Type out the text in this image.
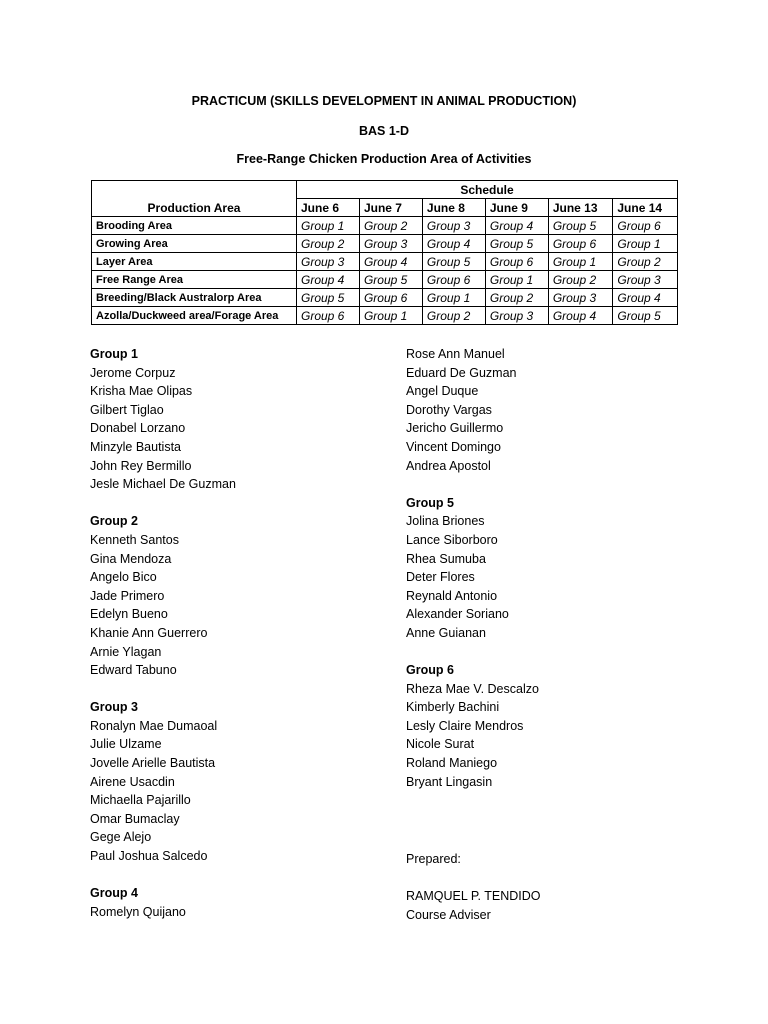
PRACTICUM (SKILLS DEVELOPMENT IN ANIMAL PRODUCTION)
BAS 1-D
Free-Range Chicken Production Area of Activities
Production Area	Schedule					
	June 6	June 7	June 8	June 9	June 13	June 14
Brooding Area	Group 1	Group 2	Group 3	Group 4	Group 5	Group 6
Growing Area	Group 2	Group 3	Group 4	Group 5	Group 6	Group 1
Layer Area	Group 3	Group 4	Group 5	Group 6	Group 1	Group 2
Free Range Area	Group 4	Group 5	Group 6	Group 1	Group 2	Group 3
Breeding/Black Australorp Area	Group 5	Group 6	Group 1	Group 2	Group 3	Group 4
Azolla/Duckweed area/Forage Area	Group 6	Group 1	Group 2	Group 3	Group 4	Group 5
Group 1
Jerome Corpuz
Krisha Mae Olipas
Gilbert Tiglao
Donabel Lorzano
Minzyle Bautista
John Rey Bermillo
Jesle Michael De Guzman
Group 2
Kenneth Santos
Gina Mendoza
Angelo Bico
Jade Primero
Edelyn Bueno
Khanie Ann Guerrero
Arnie Ylagan
Edward Tabuno
Group 3
Ronalyn Mae Dumaoal
Julie Ulzame
Jovelle Arielle Bautista
Airene Usacdin
Michaella Pajarillo
Omar Bumaclay
Gege Alejo
Paul Joshua Salcedo
Group 4
Romelyn Quijano
Rose Ann Manuel
Eduard De Guzman
Angel Duque
Dorothy Vargas
Jericho Guillermo
Vincent Domingo
Andrea Apostol
Group 5
Jolina Briones
Lance Siborboro
Rhea Sumuba
Deter Flores
Reynald Antonio
Alexander Soriano
Anne Guianan
Group 6
Rheza Mae V. Descalzo
Kimberly Bachini
Lesly Claire Mendros
Nicole Surat
Roland Maniego
Bryant Lingasin
Prepared:
RAMQUEL P. TENDIDO
Course Adviser
